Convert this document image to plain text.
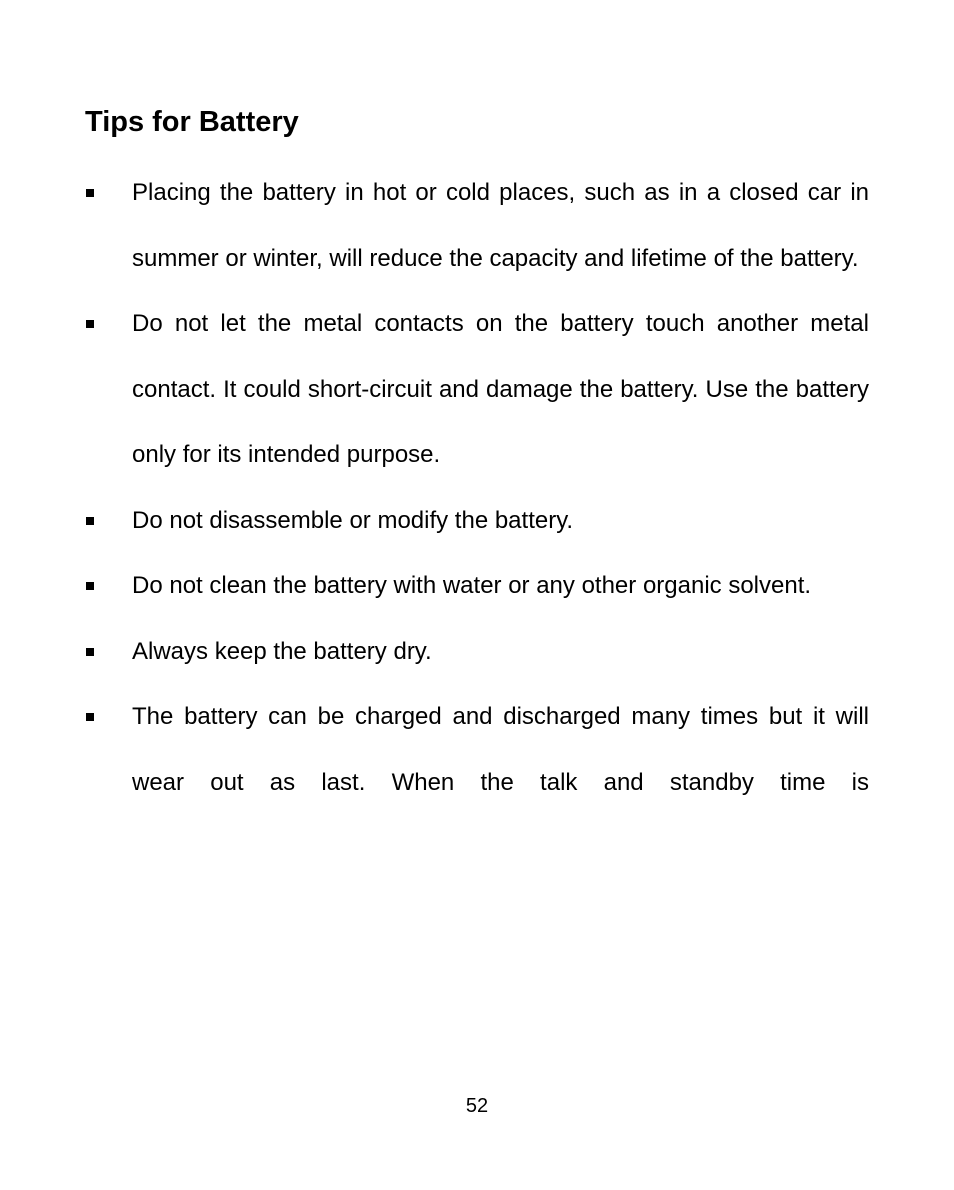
Tips for Battery
Placing the battery in hot or cold places, such as in a closed car in summer or winter, will reduce the capacity and lifetime of the battery.
Do not let the metal contacts on the battery touch another metal contact. It could short-circuit and damage the battery. Use the battery only for its intended purpose.
Do not disassemble or modify the battery.
Do not clean the battery with water or any other organic solvent.
Always keep the battery dry.
The battery can be charged and discharged many times but it will wear out as last. When the talk and standby time is
52
